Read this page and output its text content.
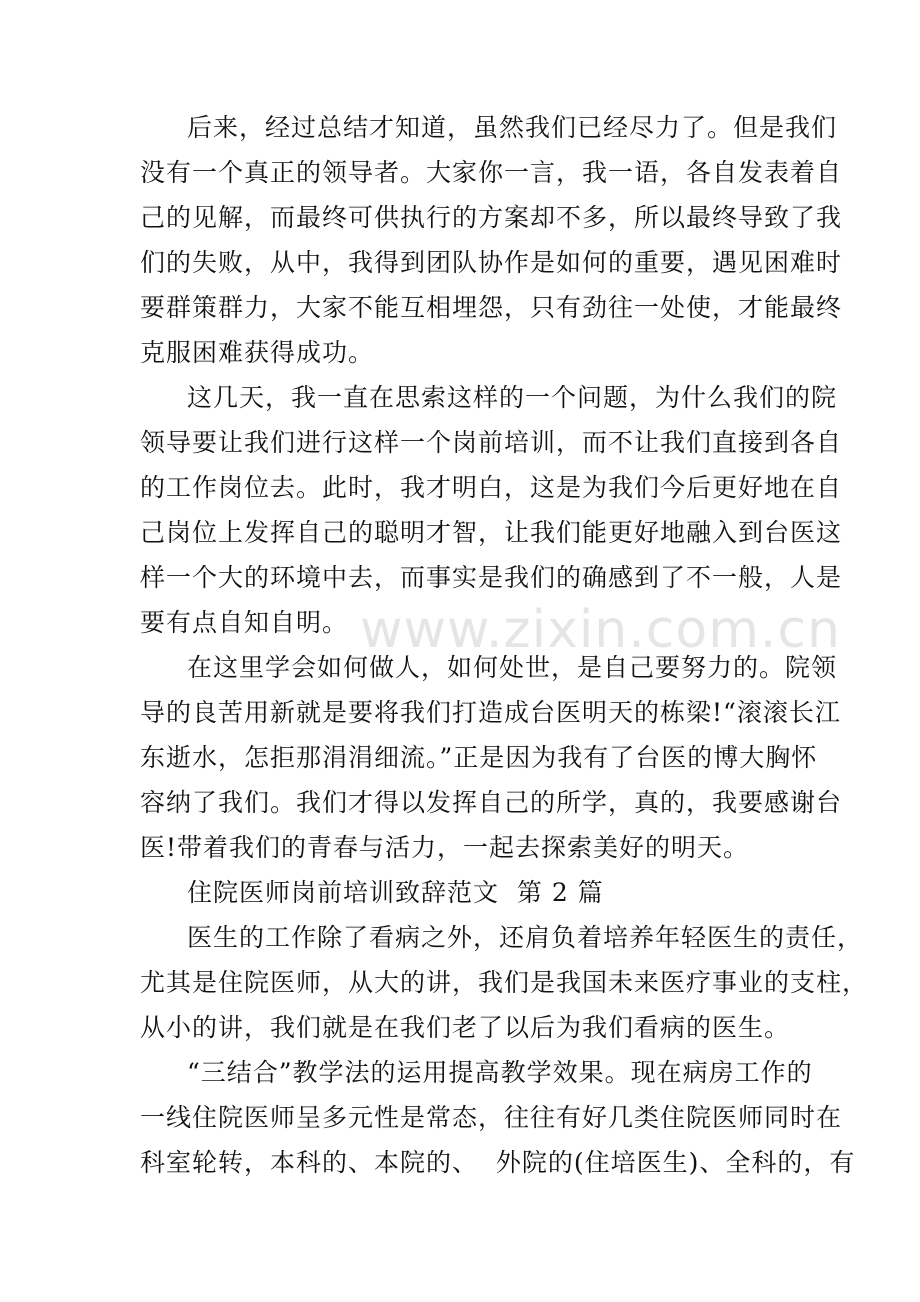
后来，经过总结才知道，虽然我们已经尽力了。但是我们
没有一个真正的领导者。大家你一言，我一语，各自发表着自
己的见解，而最终可供执行的方案却不多，所以最终导致了我
们的失败，从中，我得到团队协作是如何的重要，遇见困难时
要群策群力，大家不能互相埋怨，只有劲往一处使，才能最终
克服困难获得成功。
这几天，我一直在思索这样的一个问题，为什么我们的院
领导要让我们进行这样一个岗前培训，而不让我们直接到各自
的工作岗位去。此时，我才明白，这是为我们今后更好地在自
己岗位上发挥自己的聪明才智，让我们能更好地融入到台医这
样一个大的环境中去，而事实是我们的确感到了不一般，人是
要有点自知自明。
在这里学会如何做人，如何处世，是自己要努力的。院领
导的良苦用新就是要将我们打造成台医明天的栋梁!“滚滚长江
东逝水，怎拒那涓涓细流。”正是因为我有了台医的博大胸怀
容纳了我们。我们才得以发挥自己的所学，真的，我要感谢台
医!带着我们的青春与活力，一起去探索美好的明天。
住院医师岗前培训致辞范文  第 2 篇
医生的工作除了看病之外，还肩负着培养年轻医生的责任，
尤其是住院医师，从大的讲，我们是我国未来医疗事业的支柱，
从小的讲，我们就是在我们老了以后为我们看病的医生。
“三结合”教学法的运用提高教学效果。现在病房工作的
一线住院医师呈多元性是常态，往往有好几类住院医师同时在
科室轮转，本科的、本院的、  外院的(住培医生)、全科的，有
www.zixin.com.cn
